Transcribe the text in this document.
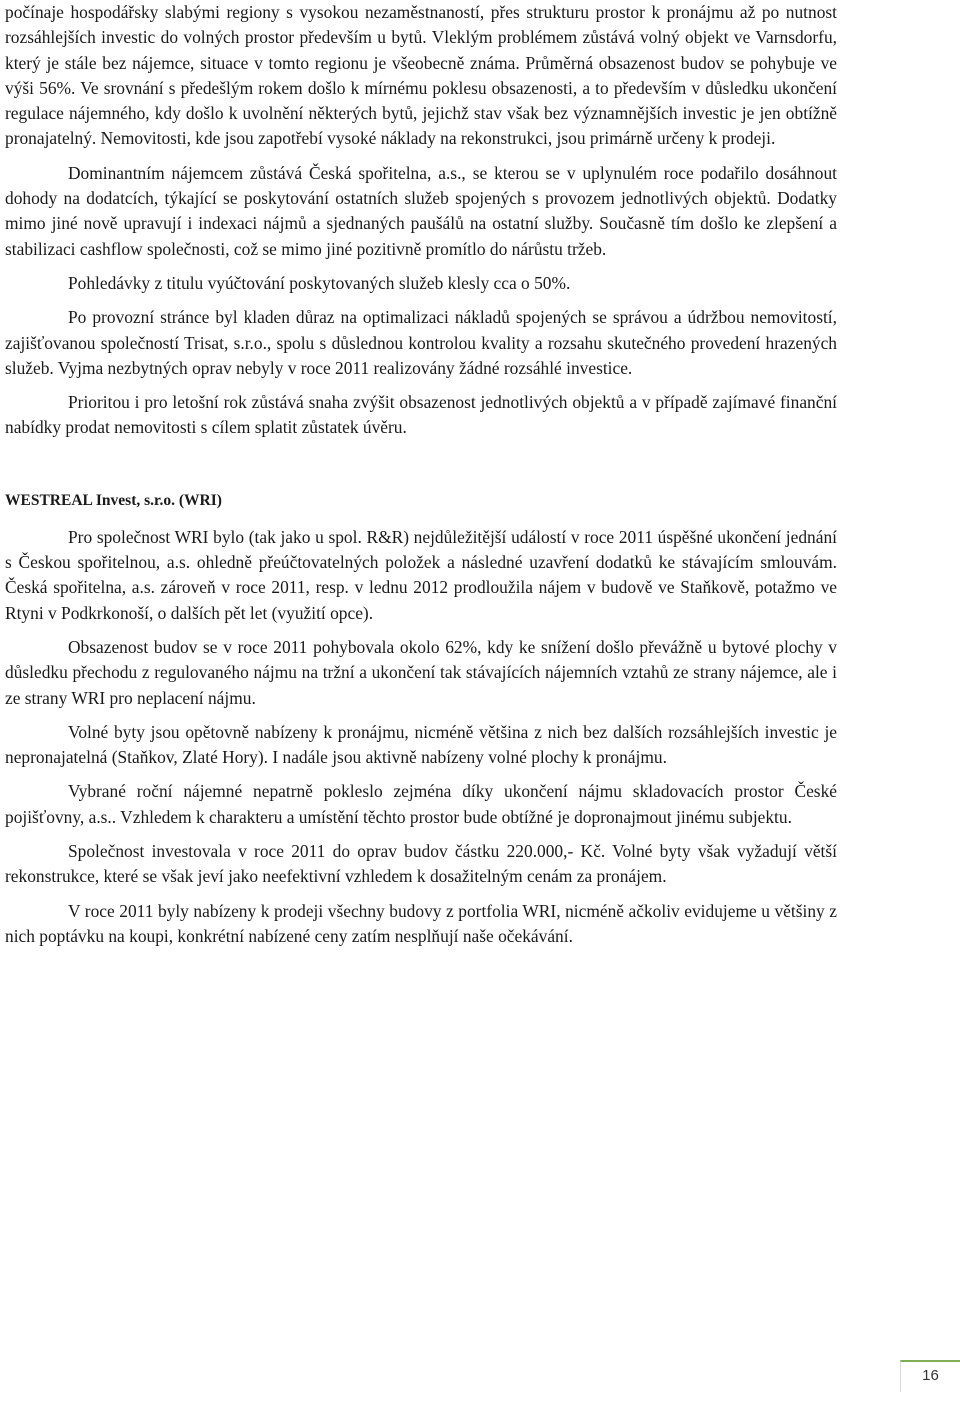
počínaje hospodářsky slabými regiony s vysokou nezaměstnaností, přes strukturu prostor k pronájmu až po nutnost rozsáhlejších investic do volných prostor především u bytů. Vleklým problémem zůstává volný objekt ve Varnsdorfu, který je stále bez nájemce, situace v tomto regionu je všeobecně známa. Průměrná obsazenost budov se pohybuje ve výši 56%. Ve srovnání s předešlým rokem došlo k mírnému poklesu obsazenosti, a to především v důsledku ukončení regulace nájemného, kdy došlo k uvolnění některých bytů, jejichž stav však bez významnějších investic je jen obtížně pronajatelný. Nemovitosti, kde jsou zapotřebí vysoké náklady na rekonstrukci, jsou primárně určeny k prodeji.

Dominantním nájemcem zůstává Česká spořitelna, a.s., se kterou se v uplynulém roce podařilo dosáhnout dohody na dodatcích, týkající se poskytování ostatních služeb spojených s provozem jednotlivých objektů. Dodatky mimo jiné nově upravují i indexaci nájmů a sjednaných paušálů na ostatní služby. Současně tím došlo ke zlepšení a stabilizaci cashflow společnosti, což se mimo jiné pozitivně promítlo do nárůstu tržeb.

Pohledávky z titulu vyúčtování poskytovaných služeb klesly cca o 50%.

Po provozní stránce byl kladen důraz na optimalizaci nákladů spojených se správou a údržbou nemovitostí, zajišťovanou společností Trisat, s.r.o., spolu s důslednou kontrolou kvality a rozsahu skutečného provedení hrazených služeb. Vyjma nezbytných oprav nebyly v roce 2011 realizovány žádné rozsáhlé investice.

Prioritou i pro letošní rok zůstává snaha zvýšit obsazenost jednotlivých objektů a v případě zajímavé finanční nabídky prodat nemovitosti s cílem splatit zůstatek úvěru.

WESTREAL Invest, s.r.o. (WRI)

Pro společnost WRI bylo (tak jako u spol. R&R) nejdůležitější událostí v roce 2011 úspěšné ukončení jednání s Českou spořitelnou, a.s. ohledně přeúčtovatelných položek a následné uzavření dodatků ke stávajícím smlouvám. Česká spořitelna, a.s. zároveň v roce 2011, resp. v lednu 2012 prodloužila nájem v budově ve Staňkově, potažmo ve Rtyni v Podkrkonoší, o dalších pět let (využití opce).

Obsazenost budov se v roce 2011 pohybovala okolo 62%, kdy ke snížení došlo převážně u bytové plochy v důsledku přechodu z regulovaného nájmu na tržní a ukončení tak stávajících nájemních vztahů ze strany nájemce, ale i ze strany WRI pro neplacení nájmu.

Volné byty jsou opětovně nabízeny k pronájmu, nicméně většina z nich bez dalších rozsáhlejších investic je nepronajatelná (Staňkov, Zlaté Hory). I nadále jsou aktivně nabízeny volné plochy k pronájmu.

Vybrané roční nájemné nepatrně pokleslo zejména díky ukončení nájmu skladovacích prostor České pojišťovny, a.s.. Vzhledem k charakteru a umístění těchto prostor bude obtížné je dopronajmout jinému subjektu.

Společnost investovala v roce 2011 do oprav budov částku 220.000,- Kč. Volné byty však vyžadují větší rekonstrukce, které se však jeví jako neefektivní vzhledem k dosažitelným cenám za pronájem.

V roce 2011 byly nabízeny k prodeji všechny budovy z portfolia WRI, nicméně ačkoliv evidujeme u většiny z nich poptávku na koupi, konkrétní nabízené ceny zatím nesplňují naše očekávání.

16
